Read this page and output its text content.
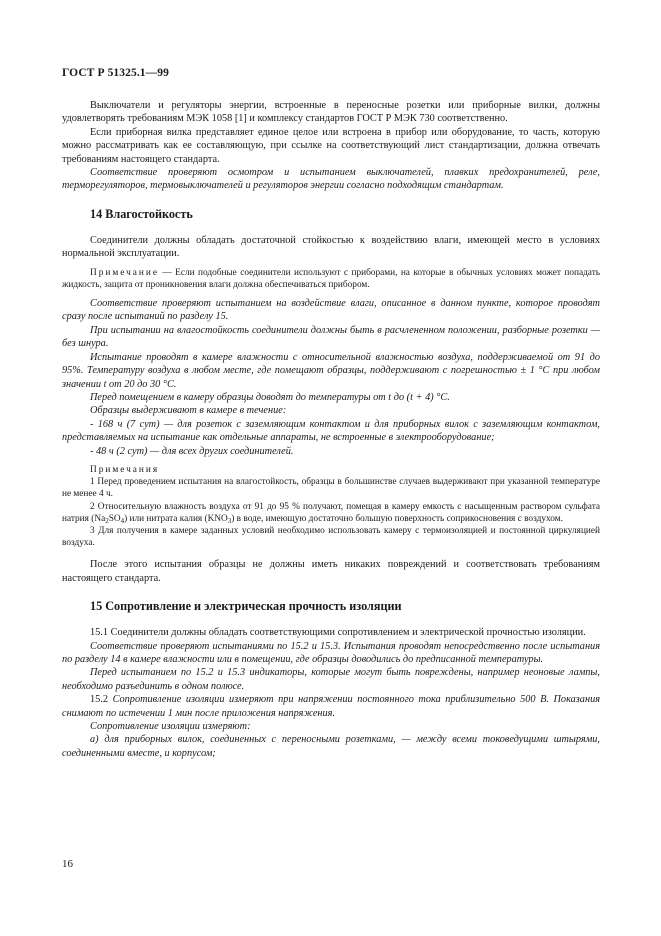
ГОСТ Р 51325.1—99

Выключатели и регуляторы энергии, встроенные в переносные розетки или приборные вилки, должны удовлетворять требованиям МЭК 1058 [1] и комплексу стандартов ГОСТ Р МЭК 730 соответственно.

Если приборная вилка представляет единое целое или встроена в прибор или оборудование, то часть, которую можно рассматривать как ее составляющую, при ссылке на соответствующий лист стандартизации, должна отвечать требованиям настоящего стандарта.

Соответствие проверяют осмотром и испытанием выключателей, плавких предохранителей, реле, терморегуляторов, термовыключателей и регуляторов энергии согласно подходящим стандартам.

14 Влагостойкость

Соединители должны обладать достаточной стойкостью к воздействию влаги, имеющей место в условиях нормальной эксплуатации.

Примечание — Если подобные соединители используют с приборами, на которые в обычных условиях может попадать жидкость, защита от проникновения влаги должна обеспечиваться прибором.

Соответствие проверяют испытанием на воздействие влаги, описанное в данном пункте, которое проводят сразу после испытаний по разделу 15.

При испытании на влагостойкость соединители должны быть в расчлененном положении, разборные розетки — без шнура.

Испытание проводят в камере влажности с относительной влажностью воздуха, поддерживаемой от 91 до 95%. Температуру воздуха в любом месте, где помещают образцы, поддерживают с погрешностью ± 1 °С при любом значении t от 20 до 30 °С.

Перед помещением в камеру образцы доводят до температуры от t до (t + 4) °С.

Образцы выдерживают в камере в течение:

- 168 ч (7 сут) — для розеток с заземляющим контактом и для приборных вилок с заземляющим контактом, представляемых на испытание как отдельные аппараты, не встроенные в электрооборудование;

- 48 ч (2 сут) — для всех других соединителей.

Примечания

1 Перед проведением испытания на влагостойкость, образцы в большинстве случаев выдерживают при указанной температуре не менее 4 ч.

2 Относительную влажность воздуха от 91 до 95 % получают, помещая в камеру емкость с насыщенным раствором сульфата натрия $(Na_2SO_4)$ или нитрата калия $(KNO_3)$ в воде, имеющую достаточно большую поверхность соприкосновения с воздухом.

3 Для получения в камере заданных условий необходимо использовать камеру с термоизоляцией и постоянной циркуляцией воздуха.

После этого испытания образцы не должны иметь никаких повреждений и соответствовать требованиям настоящего стандарта.

15 Сопротивление и электрическая прочность изоляции

15.1 Соединители должны обладать соответствующими сопротивлением и электрической прочностью изоляции.

Соответствие проверяют испытаниями по 15.2 и 15.3. Испытания проводят непосредственно после испытания по разделу 14 в камере влажности или в помещении, где образцы доводились до предписанной температуры.

Перед испытанием по 15.2 и 15.3 индикаторы, которые могут быть повреждены, например неоновые лампы, необходимо разъединить в одном полюсе.

15.2 Сопротивление изоляции измеряют при напряжении постоянного тока приблизительно 500 В. Показания снимают по истечении 1 мин после приложения напряжения.

Сопротивление изоляции измеряют:

а) для приборных вилок, соединенных с переносными розетками, — между всеми токоведущими штырями, соединенными вместе, и корпусом;

16
